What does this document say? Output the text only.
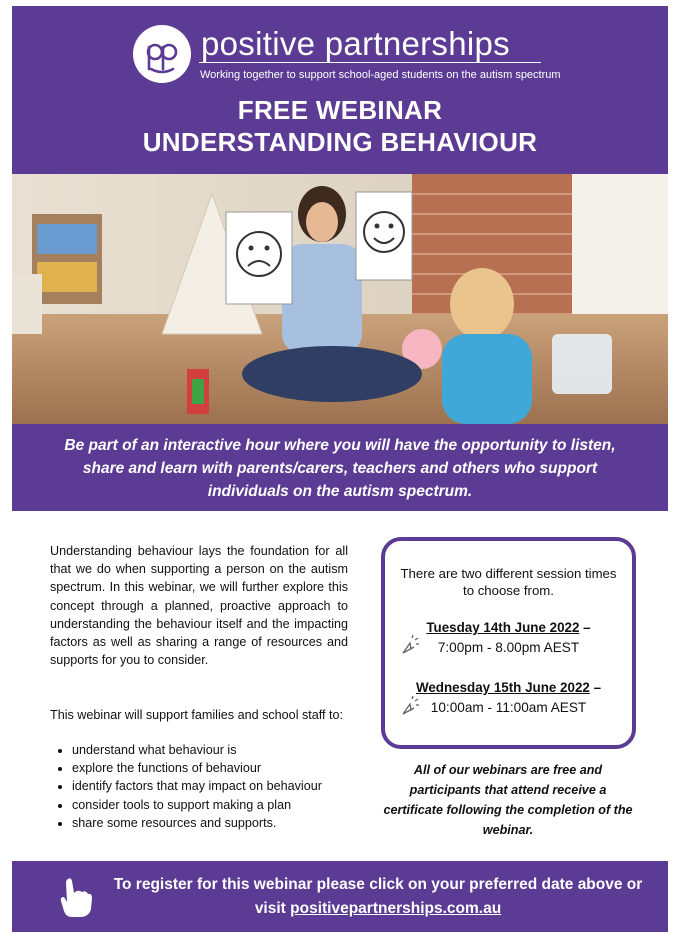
positive partnerships
Working together to support school-aged students on the autism spectrum
FREE WEBINAR
UNDERSTANDING BEHAVIOUR
Be part of an interactive hour where you will have the opportunity to listen, share and learn with parents/carers, teachers and others who support individuals on the autism spectrum.
Understanding behaviour lays the foundation for all that we do when supporting a person on the autism spectrum. In this webinar, we will further explore this concept through a planned, proactive approach to understanding the behaviour itself and the impacting factors as well as sharing a range of resources and supports for you to consider.
This webinar will support families and school staff to:
• understand what behaviour is
• explore the functions of behaviour
• identify factors that may impact on behaviour
• consider tools to support making a plan
• share some resources and supports.
There are two different session times to choose from.
Tuesday 14th June 2022 –
7:00pm - 8.00pm AEST
Wednesday 15th June 2022 –
10:00am - 11:00am AEST
All of our webinars are free and participants that attend receive a certificate following the completion of the webinar.
To register for this webinar please click on your preferred date above or visit positivepartnerships.com.au
